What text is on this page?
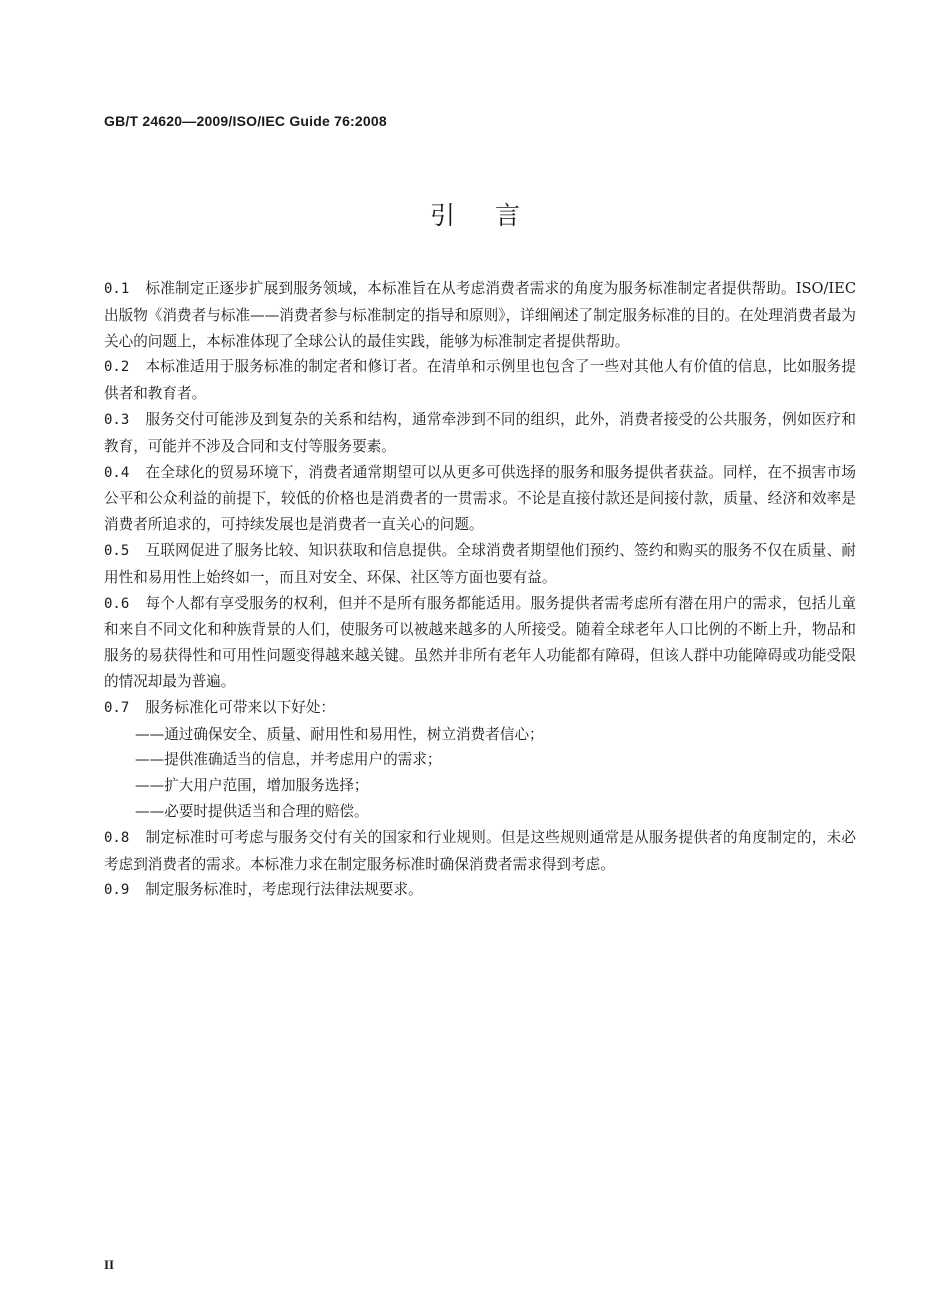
GB/T 24620—2009/ISO/IEC Guide 76:2008
引言

0.1 标准制定正逐步扩展到服务领域，本标准旨在从考虑消费者需求的角度为服务标准制定者提供帮助。ISO/IEC出版物《消费者与标准——消费者参与标准制定的指导和原则》，详细阐述了制定服务标准的目的。在处理消费者最为关心的问题上，本标准体现了全球公认的最佳实践，能够为标准制定者提供帮助。

0.2 本标准适用于服务标准的制定者和修订者。在清单和示例里也包含了一些对其他人有价值的信息，比如服务提供者和教育者。

0.3 服务交付可能涉及到复杂的关系和结构，通常牵涉到不同的组织，此外，消费者接受的公共服务，例如医疗和教育，可能并不涉及合同和支付等服务要素。

0.4 在全球化的贸易环境下，消费者通常期望可以从更多可供选择的服务和服务提供者获益。同样，在不损害市场公平和公众利益的前提下，较低的价格也是消费者的一贯需求。不论是直接付款还是间接付款，质量、经济和效率是消费者所追求的，可持续发展也是消费者一直关心的问题。

0.5 互联网促进了服务比较、知识获取和信息提供。全球消费者期望他们预约、签约和购买的服务不仅在质量、耐用性和易用性上始终如一，而且对安全、环保、社区等方面也要有益。

0.6 每个人都有享受服务的权利，但并不是所有服务都能适用。服务提供者需考虑所有潜在用户的需求，包括儿童和来自不同文化和种族背景的人们，使服务可以被越来越多的人所接受。随着全球老年人口比例的不断上升，物品和服务的易获得性和可用性问题变得越来越关键。虽然并非所有老年人功能都有障碍，但该人群中功能障碍或功能受限的情况却最为普遍。

0.7 服务标准化可带来以下好处：

—— 通过确保安全、质量、耐用性和易用性，树立消费者信心；

—— 提供准确适当的信息，并考虑用户的需求；

—— 扩大用户范围，增加服务选择；

—— 必要时提供适当和合理的赔偿。

0.8 制定标准时可考虑与服务交付有关的国家和行业规则。但是这些规则通常是从服务提供者的角度制定的，未必考虑到消费者的需求。本标准力求在制定服务标准时确保消费者需求得到考虑。

0.9 制定服务标准时，考虑现行法律法规要求。

II
